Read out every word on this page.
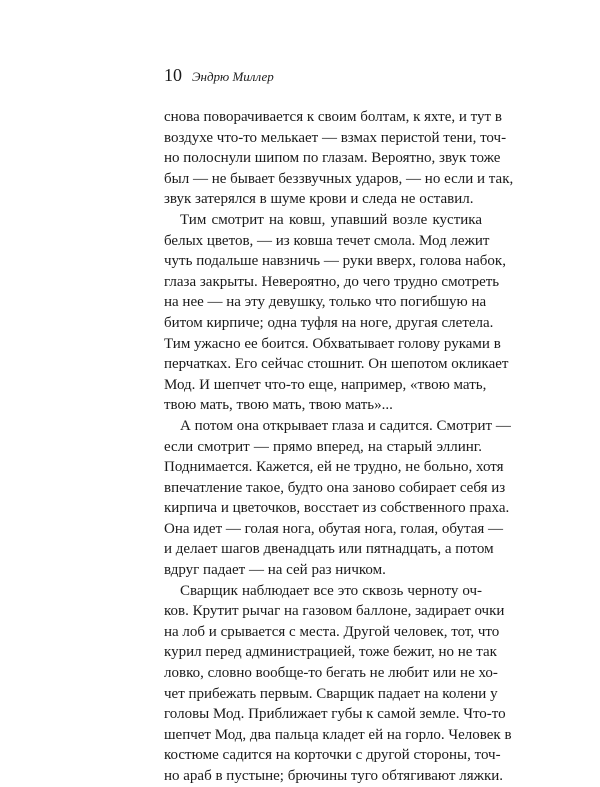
10 Эндрю Миллер
снова поворачивается к своим болтам, к яхте, и тут в
воздухе что-то мелькает — взмах перистой тени, точ-
но полоснули шипом по глазам. Вероятно, звук тоже
был — не бывает беззвучных ударов, — но если и так,
звук затерялся в шуме крови и следа не оставил.
Тим смотрит на ковш, упавший возле кустика
белых цветов, — из ковша течет смола. Мод лежит
чуть подальше навзничь — руки вверх, голова набок,
глаза закрыты. Невероятно, до чего трудно смотреть
на нее — на эту девушку, только что погибшую на
битом кирпиче; одна туфля на ноге, другая слетела.
Тим ужасно ее боится. Обхватывает голову руками в
перчатках. Его сейчас стошнит. Он шепотом окликает
Мод. И шепчет что-то еще, например, «твою мать,
твою мать, твою мать, твою мать»...
А потом она открывает глаза и садится. Смотрит —
если смотрит — прямо вперед, на старый эллинг.
Поднимается. Кажется, ей не трудно, не больно, хотя
впечатление такое, будто она заново собирает себя из
кирпича и цветочков, восстает из собственного праха.
Она идет — голая нога, обутая нога, голая, обутая —
и делает шагов двенадцать или пятнадцать, а потом
вдруг падает — на сей раз ничком.
Сварщик наблюдает все это сквозь черноту оч-
ков. Крутит рычаг на газовом баллоне, задирает очки
на лоб и срывается с места. Другой человек, тот, что
курил перед администрацией, тоже бежит, но не так
ловко, словно вообще-то бегать не любит или не хо-
чет прибежать первым. Сварщик падает на колени у
головы Мод. Приближает губы к самой земле. Что-то
шепчет Мод, два пальца кладет ей на горло. Человек в
костюме садится на корточки с другой стороны, точ-
но араб в пустыне; брючины туго обтягивают ляжки.
